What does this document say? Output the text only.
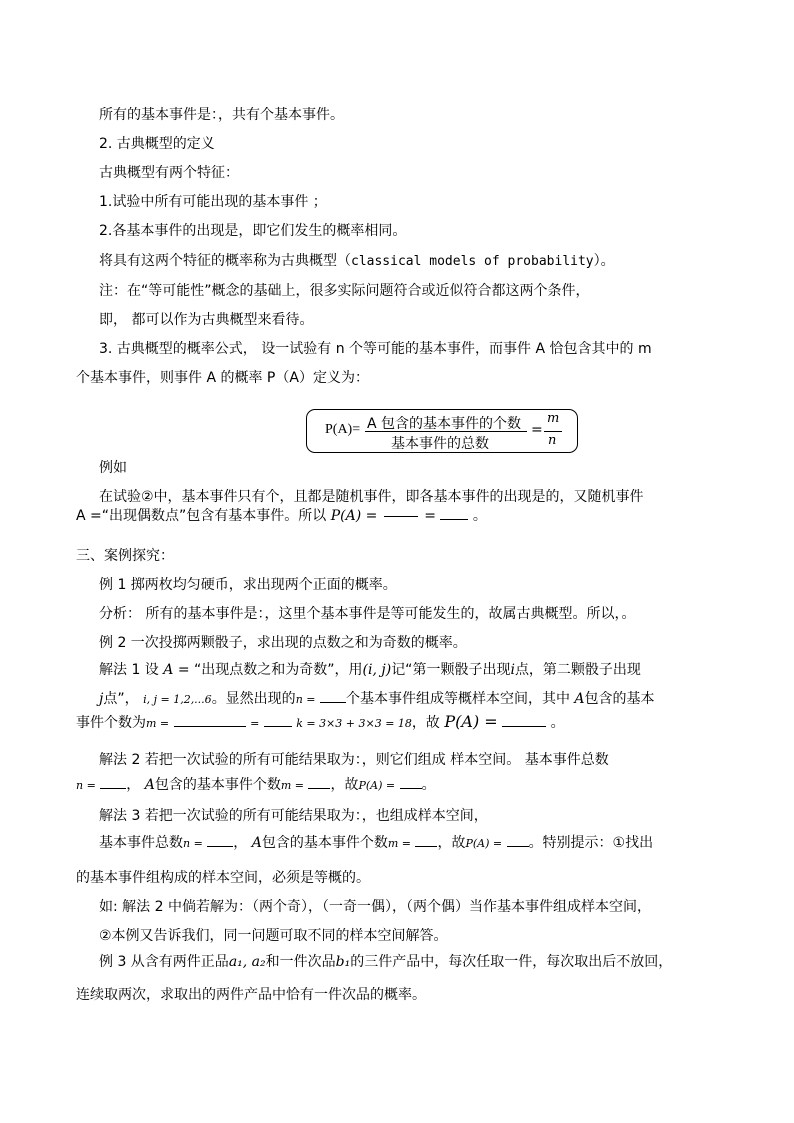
所有的基本事件是：，共有个基本事件。
2. 古典概型的定义
古典概型有两个特征：
1.试验中所有可能出现的基本事件 ；
2.各基本事件的出现是，即它们发生的概率相同。
将具有这两个特征的概率称为古典概型（classical models of probability）。
注：在“等可能性”概念的基础上，很多实际问题符合或近似符合都这两个条件，
即， 都可以作为古典概型来看待。
3. 古典概型的概率公式， 设一试验有 n 个等可能的基本事件，而事件 A 恰包含其中的 m
个基本事件，则事件 A 的概率 P（A）定义为：
P(A)= A 包含的基本事件的个数
基本事件的总数
=
m
n
例如
在试验②中，基本事件只有个，且都是随机事件，即各基本事件的出现是的，又随机事件
A =“出现偶数点”包含有基本事件。所以 P(A) =	=	。
三、案例探究：
例 1 掷两枚均匀硬币，求出现两个正面的概率。
分析： 所有的基本事件是：，这里个基本事件是等可能发生的，故属古典概型。所以，。
例 2 一次投掷两颗骰子，求出现的点数之和为奇数的概率。
解法 1 设 A = “出现点数之和为奇数”，用(i, j)记“第一颗骰子出现i点，第二颗骰子出现
j点”， i, j = 1,2,...6。显然出现的n = 个基本事件组成等概样本空间，其中 A包含的基本
事件个数为m =	=	k = 3×3 + 3×3 = 18，故 P(A) =	。
解法 2 若把一次试验的所有可能结果取为：，则它们组成 样本空间。 基本事件总数
n = ， A包含的基本事件个数m = ，故P(A) = 。
解法 3 若把一次试验的所有可能结果取为：，也组成样本空间，
基本事件总数n = ， A包含的基本事件个数m = ，故P(A) = 。特别提示：①找出
的基本事件组构成的样本空间，必须是等概的。
如: 解法 2 中倘若解为：（两个奇），（一奇一偶），（两个偶）当作基本事件组成样本空间，
②本例又告诉我们，同一问题可取不同的样本空间解答。
例 3 从含有两件正品a₁, a₂和一件次品b₁的三件产品中，每次任取一件，每次取出后不放回，
连续取两次，求取出的两件产品中恰有一件次品的概率。
